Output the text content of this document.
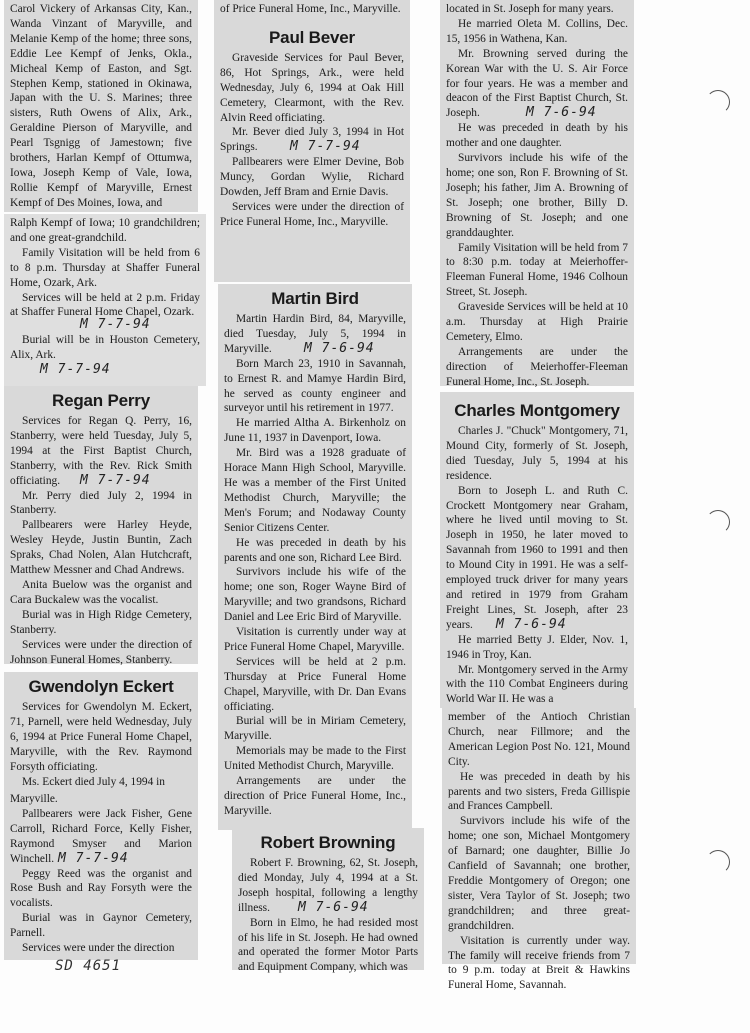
Carol Vickery of Arkansas City, Kan., Wanda Vinzant of Maryville, and Melanie Kemp of the home; three sons, Eddie Lee Kempf of Jenks, Okla., Micheal Kemp of Easton, and Sgt. Stephen Kemp, stationed in Okinawa, Japan with the U. S. Marines; three sisters, Ruth Owens of Alix, Ark., Geraldine Pierson of Maryville, and Pearl Tsgnigg of Jamestown; five brothers, Harlan Kempf of Ottumwa, Iowa, Joseph Kemp of Vale, Iowa, Rollie Kempf of Maryville, Ernest Kempf of Des Moines, Iowa, and

Ralph Kempf of Iowa; 10 grandchildren; and one great-grandchild.

Family Visitation will be held from 6 to 8 p.m. Thursday at Shaffer Funeral Home, Ozark, Ark.

Services will be held at 2 p.m. Friday at Shaffer Funeral Home Chapel, Ozark.

M 7-7-94

Burial will be in Houston Cemetery, Alix, Ark.

M 7-7-94
Regan Perry

Services for Regan Q. Perry, 16, Stanberry, were held Tuesday, July 5, 1994 at the First Baptist Church, Stanberry, with the Rev. Rick Smith officiating.	M 7-7-94

Mr. Perry died July 2, 1994 in Stanberry.

Pallbearers were Harley Heyde, Wesley Heyde, Justin Buntin, Zach Spraks, Chad Nolen, Alan Hutchcraft, Matthew Messner and Chad Andrews.

Anita Buelow was the organist and Cara Buckalew was the vocalist.

Burial was in High Ridge Cemetery, Stanberry.

Services were under the direction of Johnson Funeral Homes, Stanberry.

Gwendolyn Eckert

Services for Gwendolyn M. Eckert, 71, Parnell, were held Wednesday, July 6, 1994 at Price Funeral Home Chapel, Maryville, with the Rev. Raymond Forsyth officiating.

Ms. Eckert died July 4, 1994 in

Maryville.

Pallbearers were Jack Fisher, Gene Carroll, Richard Force, Kelly Fisher, Raymond Smyser and Marion Winchell. M 7-7-94

Peggy Reed was the organist and Rose Bush and Ray Forsyth were the vocalists.

Burial was in Gaynor Cemetery, Parnell.

Services were under the direction

of Price Funeral Home, Inc., Maryville.

Paul Bever

Graveside Services for Paul Bever, 86, Hot Springs, Ark., were held Wednesday, July 6, 1994 at Oak Hill Cemetery, Clearmont, with the Rev. Alvin Reed officiating.

Mr. Bever died July 3, 1994 in Hot Springs.	M 7-7-94

Pallbearers were Elmer Devine, Bob Muncy, Gordan Wylie, Richard Dowden, Jeff Bram and Ernie Davis.

Services were under the direction of Price Funeral Home, Inc., Maryville.

Martin Bird

Martin Hardin Bird, 84, Maryville, died Tuesday, July 5, 1994 in Maryville.	M 7-6-94

Born March 23, 1910 in Savannah, to Ernest R. and Mamye Hardin Bird, he served as county engineer and surveyor until his retirement in 1977.

He married Altha A. Birkenholz on June 11, 1937 in Davenport, Iowa.

Mr. Bird was a 1928 graduate of Horace Mann High School, Maryville. He was a member of the First United Methodist Church, Maryville; the Men's Forum; and Nodaway County Senior Citizens Center.

He was preceded in death by his parents and one son, Richard Lee Bird.

Survivors include his wife of the home; one son, Roger Wayne Bird of Maryville; and two grandsons, Richard Daniel and Lee Eric Bird of Maryville.

Visitation is currently under way at Price Funeral Home Chapel, Maryville.

Services will be held at 2 p.m. Thursday at Price Funeral Home Chapel, Maryville, with Dr. Dan Evans officiating.

Burial will be in Miriam Cemetery, Maryville.

Memorials may be made to the First United Methodist Church, Maryville.

Arrangements are under the direction of Price Funeral Home, Inc., Maryville.

Robert Browning

Robert F. Browning, 62, St. Joseph, died Monday, July 4, 1994 at a St. Joseph hospital, following a lengthy illness.	M 7-6-94

Born in Elmo, he had resided most of his life in St. Joseph. He had owned and operated the former Motor Parts and Equipment Company, which was

located in St. Joseph for many years.

He married Oleta M. Collins, Dec. 15, 1956 in Wathena, Kan.

Mr. Browning served during the Korean War with the U. S. Air Force for four years. He was a member and deacon of the First Baptist Church, St. Joseph.	M 7-6-94

He was preceded in death by his mother and one daughter.

Survivors include his wife of the home; one son, Ron F. Browning of St. Joseph; his father, Jim A. Browning of St. Joseph; one brother, Billy D. Browning of St. Joseph; and one granddaughter.

Family Visitation will be held from 7 to 8:30 p.m. today at Meierhoffer-Fleeman Funeral Home, 1946 Colhoun Street, St. Joseph.

Graveside Services will be held at 10 a.m. Thursday at High Prairie Cemetery, Elmo.

Arrangements are under the direction of Meierhoffer-Fleeman Funeral Home, Inc., St. Joseph.

Charles Montgomery

Charles J. "Chuck" Montgomery, 71, Mound City, formerly of St. Joseph, died Tuesday, July 5, 1994 at his residence.

Born to Joseph L. and Ruth C. Crockett Montgomery near Graham, where he lived until moving to St. Joseph in 1950, he later moved to Savannah from 1960 to 1991 and then to Mound City in 1991. He was a self-employed truck driver for many years and retired in 1979 from Graham Freight Lines, St. Joseph, after 23 years.	M 7-6-94

He married Betty J. Elder, Nov. 1, 1946 in Troy, Kan.

Mr. Montgomery served in the Army with the 110 Combat Engineers during World War II. He was a

member of the Antioch Christian Church, near Fillmore; and the American Legion Post No. 121, Mound City.

He was preceded in death by his parents and two sisters, Freda Gillispie and Frances Campbell.

Survivors include his wife of the home; one son, Michael Montgomery of Barnard; one daughter, Billie Jo Canfield of Savannah; one brother, Freddie Montgomery of Oregon; one sister, Vera Taylor of St. Joseph; two grandchildren; and three great-grandchildren.

Visitation is currently under way. The family will receive friends from 7 to 9 p.m. today at Breit & Hawkins Funeral Home, Savannah.

SD 4651
